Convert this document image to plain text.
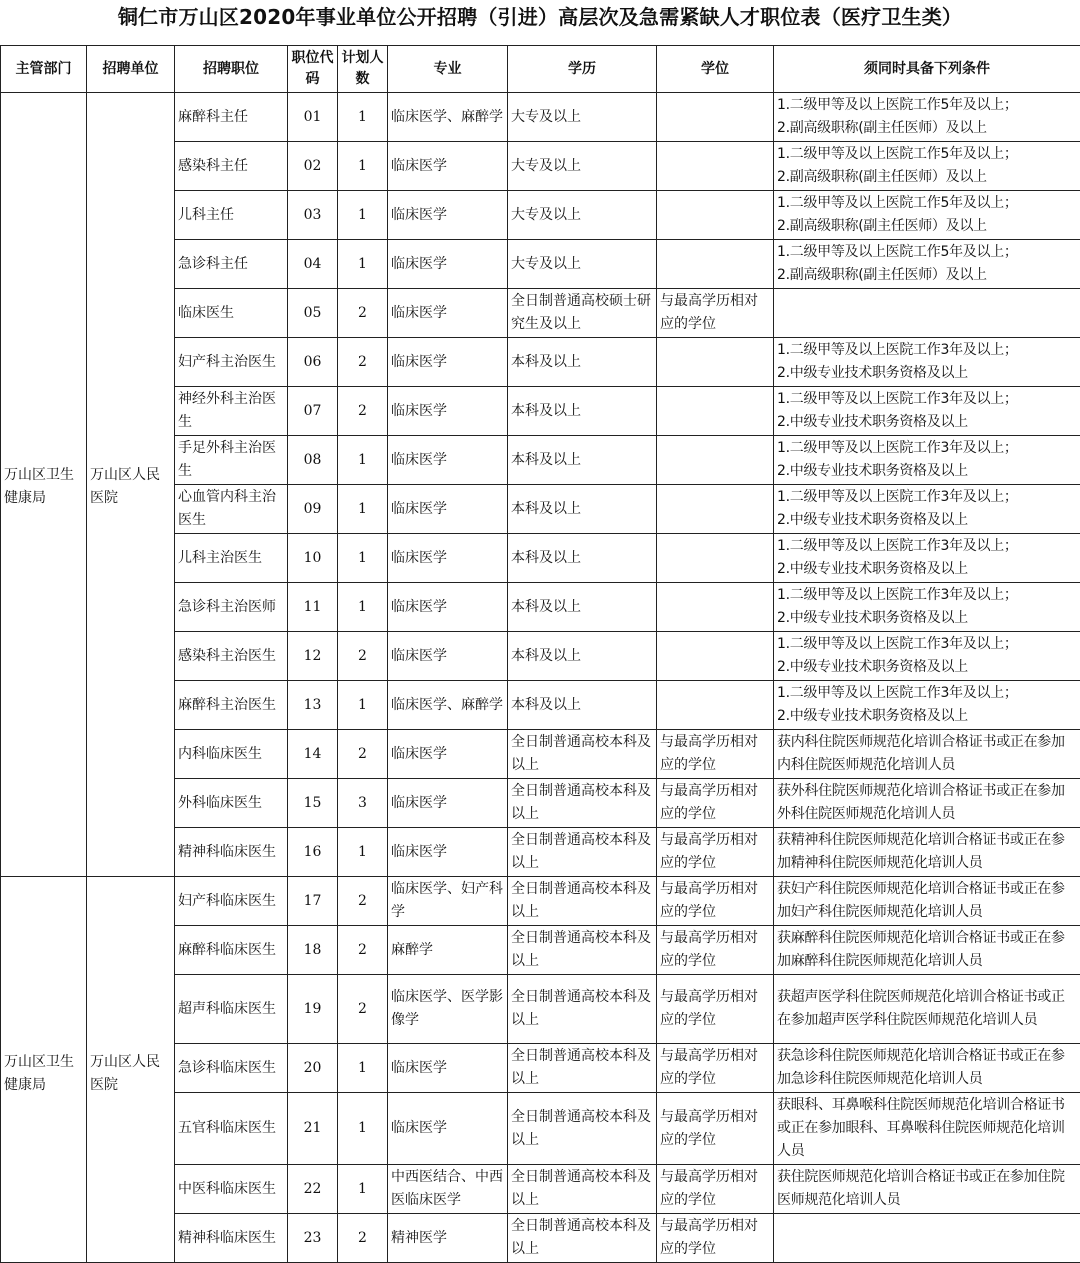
铜仁市万山区2020年事业单位公开招聘（引进）高层次及急需紧缺人才职位表（医疗卫生类）
主管部门	招聘单位	招聘职位	职位代码	计划人数	专业	学历	学位	须同时具备下列条件
万山区卫生健康局	万山区人民医院	麻醉科主任	01	1	临床医学、麻醉学	大专及以上		1.二级甲等及以上医院工作5年及以上；
2.副高级职称(副主任医师）及以上

		感染科主任	02	1	临床医学	大专及以上		1.二级甲等及以上医院工作5年及以上；
2.副高级职称(副主任医师）及以上

		儿科主任	03	1	临床医学	大专及以上		1.二级甲等及以上医院工作5年及以上；
2.副高级职称(副主任医师）及以上

		急诊科主任	04	1	临床医学	大专及以上		1.二级甲等及以上医院工作5年及以上；
2.副高级职称(副主任医师）及以上

		临床医生	05	2	临床医学	全日制普通高校硕士研究生及以上	与最高学历相对应的学位	
		妇产科主治医生	06	2	临床医学	本科及以上		1.二级甲等及以上医院工作3年及以上；
2.中级专业技术职务资格及以上

		神经外科主治医生	07	2	临床医学	本科及以上		1.二级甲等及以上医院工作3年及以上；
2.中级专业技术职务资格及以上

		手足外科主治医生	08	1	临床医学	本科及以上		1.二级甲等及以上医院工作3年及以上；
2.中级专业技术职务资格及以上

		心血管内科主治医生	09	1	临床医学	本科及以上		1.二级甲等及以上医院工作3年及以上；
2.中级专业技术职务资格及以上

		儿科主治医生	10	1	临床医学	本科及以上		1.二级甲等及以上医院工作3年及以上；
2.中级专业技术职务资格及以上

		急诊科主治医师	11	1	临床医学	本科及以上		1.二级甲等及以上医院工作3年及以上；
2.中级专业技术职务资格及以上

		感染科主治医生	12	2	临床医学	本科及以上		1.二级甲等及以上医院工作3年及以上；
2.中级专业技术职务资格及以上

		麻醉科主治医生	13	1	临床医学、麻醉学	本科及以上		1.二级甲等及以上医院工作3年及以上；
2.中级专业技术职务资格及以上

		内科临床医生	14	2	临床医学	全日制普通高校本科及以上	与最高学历相对应的学位	获内科住院医师规范化培训合格证书或正在参加内科住院医师规范化培训人员

		外科临床医生	15	3	临床医学	全日制普通高校本科及以上	与最高学历相对应的学位	获外科住院医师规范化培训合格证书或正在参加外科住院医师规范化培训人员

		精神科临床医生	16	1	临床医学	全日制普通高校本科及以上	与最高学历相对应的学位	获精神科住院医师规范化培训合格证书或正在参加精神科住院医师规范化培训人员

万山区卫生健康局	万山区人民医院	妇产科临床医生	17	2	临床医学、妇产科学	全日制普通高校本科及以上	与最高学历相对应的学位	获妇产科住院医师规范化培训合格证书或正在参加妇产科住院医师规范化培训人员

		麻醉科临床医生	18	2	麻醉学	全日制普通高校本科及以上	与最高学历相对应的学位	获麻醉科住院医师规范化培训合格证书或正在参加麻醉科住院医师规范化培训人员

		超声科临床医生	19	2	临床医学、医学影像学	全日制普通高校本科及以上	与最高学历相对应的学位	获超声医学科住院医师规范化培训合格证书或正在参加超声医学科住院医师规范化培训人员

		急诊科临床医生	20	1	临床医学	全日制普通高校本科及以上	与最高学历相对应的学位	获急诊科住院医师规范化培训合格证书或正在参加急诊科住院医师规范化培训人员

		五官科临床医生	21	1	临床医学	全日制普通高校本科及以上	与最高学历相对应的学位	获眼科、耳鼻喉科住院医师规范化培训合格证书或正在参加眼科、耳鼻喉科住院医师规范化培训人员

		中医科临床医生	22	1	中西医结合、中西医临床医学	全日制普通高校本科及以上	与最高学历相对应的学位	获住院医师规范化培训合格证书或正在参加住院医师规范化培训人员

		精神科临床医生	23	2	精神医学	全日制普通高校本科及以上	与最高学历相对应的学位	
